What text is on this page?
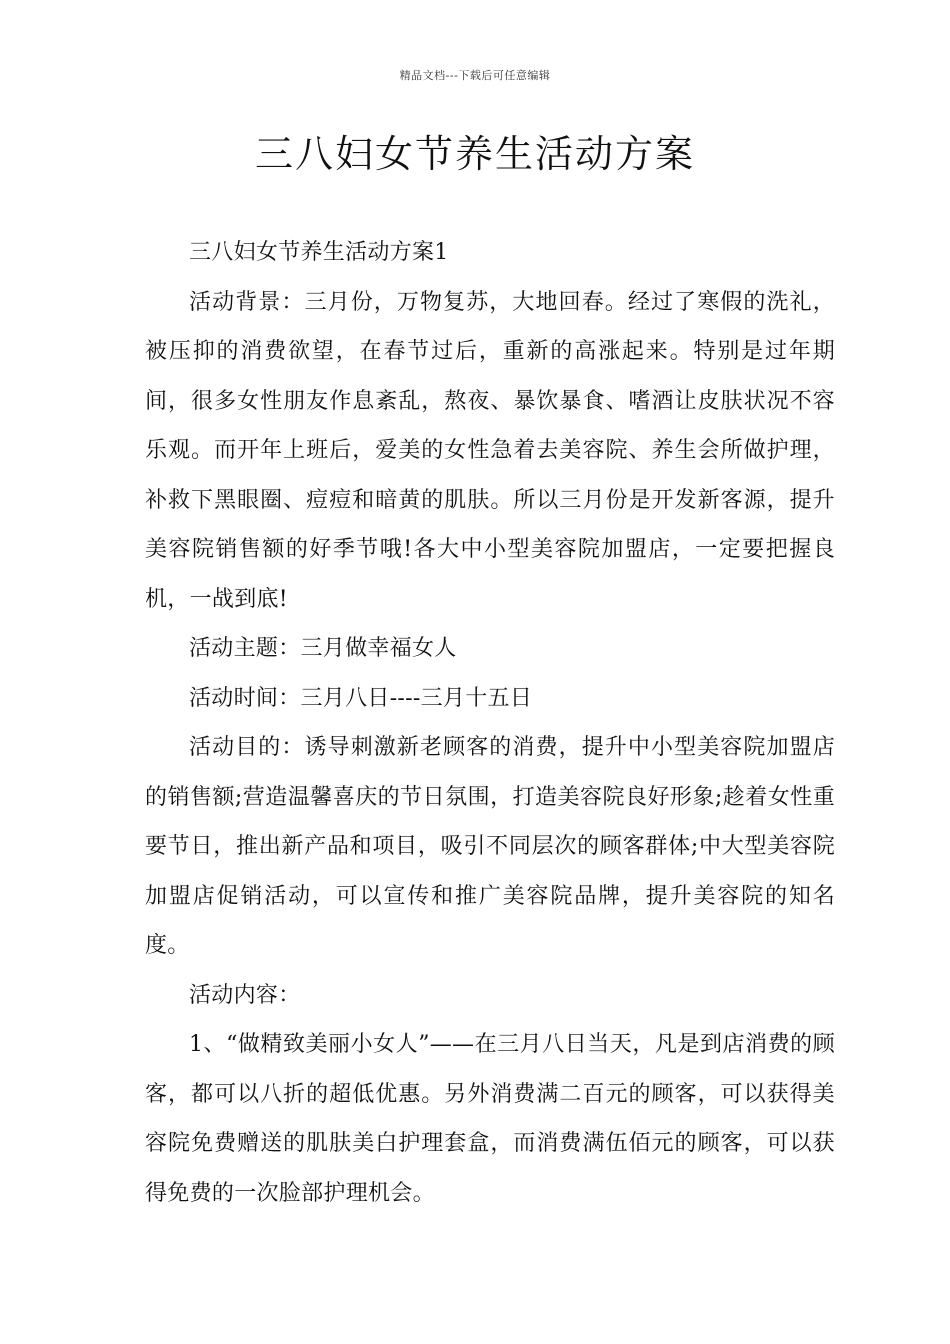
精品文档---下载后可任意编辑
三八妇女节养生活动方案

三八妇女节养生活动方案1

活动背景：三月份，万物复苏，大地回春。经过了寒假的洗礼，被压抑的消费欲望，在春节过后，重新的高涨起来。特别是过年期间，很多女性朋友作息紊乱，熬夜、暴饮暴食、嗜酒让皮肤状况不容乐观。而开年上班后，爱美的女性急着去美容院、养生会所做护理，补救下黑眼圈、痘痘和暗黄的肌肤。所以三月份是开发新客源，提升美容院销售额的好季节哦!各大中小型美容院加盟店，一定要把握良机，一战到底!

活动主题：三月做幸福女人

活动时间：三月八日----三月十五日

活动目的：诱导刺激新老顾客的消费，提升中小型美容院加盟店的销售额;营造温馨喜庆的节日氛围，打造美容院良好形象;趁着女性重要节日，推出新产品和项目，吸引不同层次的顾客群体;中大型美容院加盟店促销活动，可以宣传和推广美容院品牌，提升美容院的知名度。

活动内容：

1、“做精致美丽小女人”——在三月八日当天，凡是到店消费的顾客，都可以八折的超低优惠。另外消费满二百元的顾客，可以获得美容院免费赠送的肌肤美白护理套盒，而消费满伍佰元的顾客，可以获得免费的一次脸部护理机会。
